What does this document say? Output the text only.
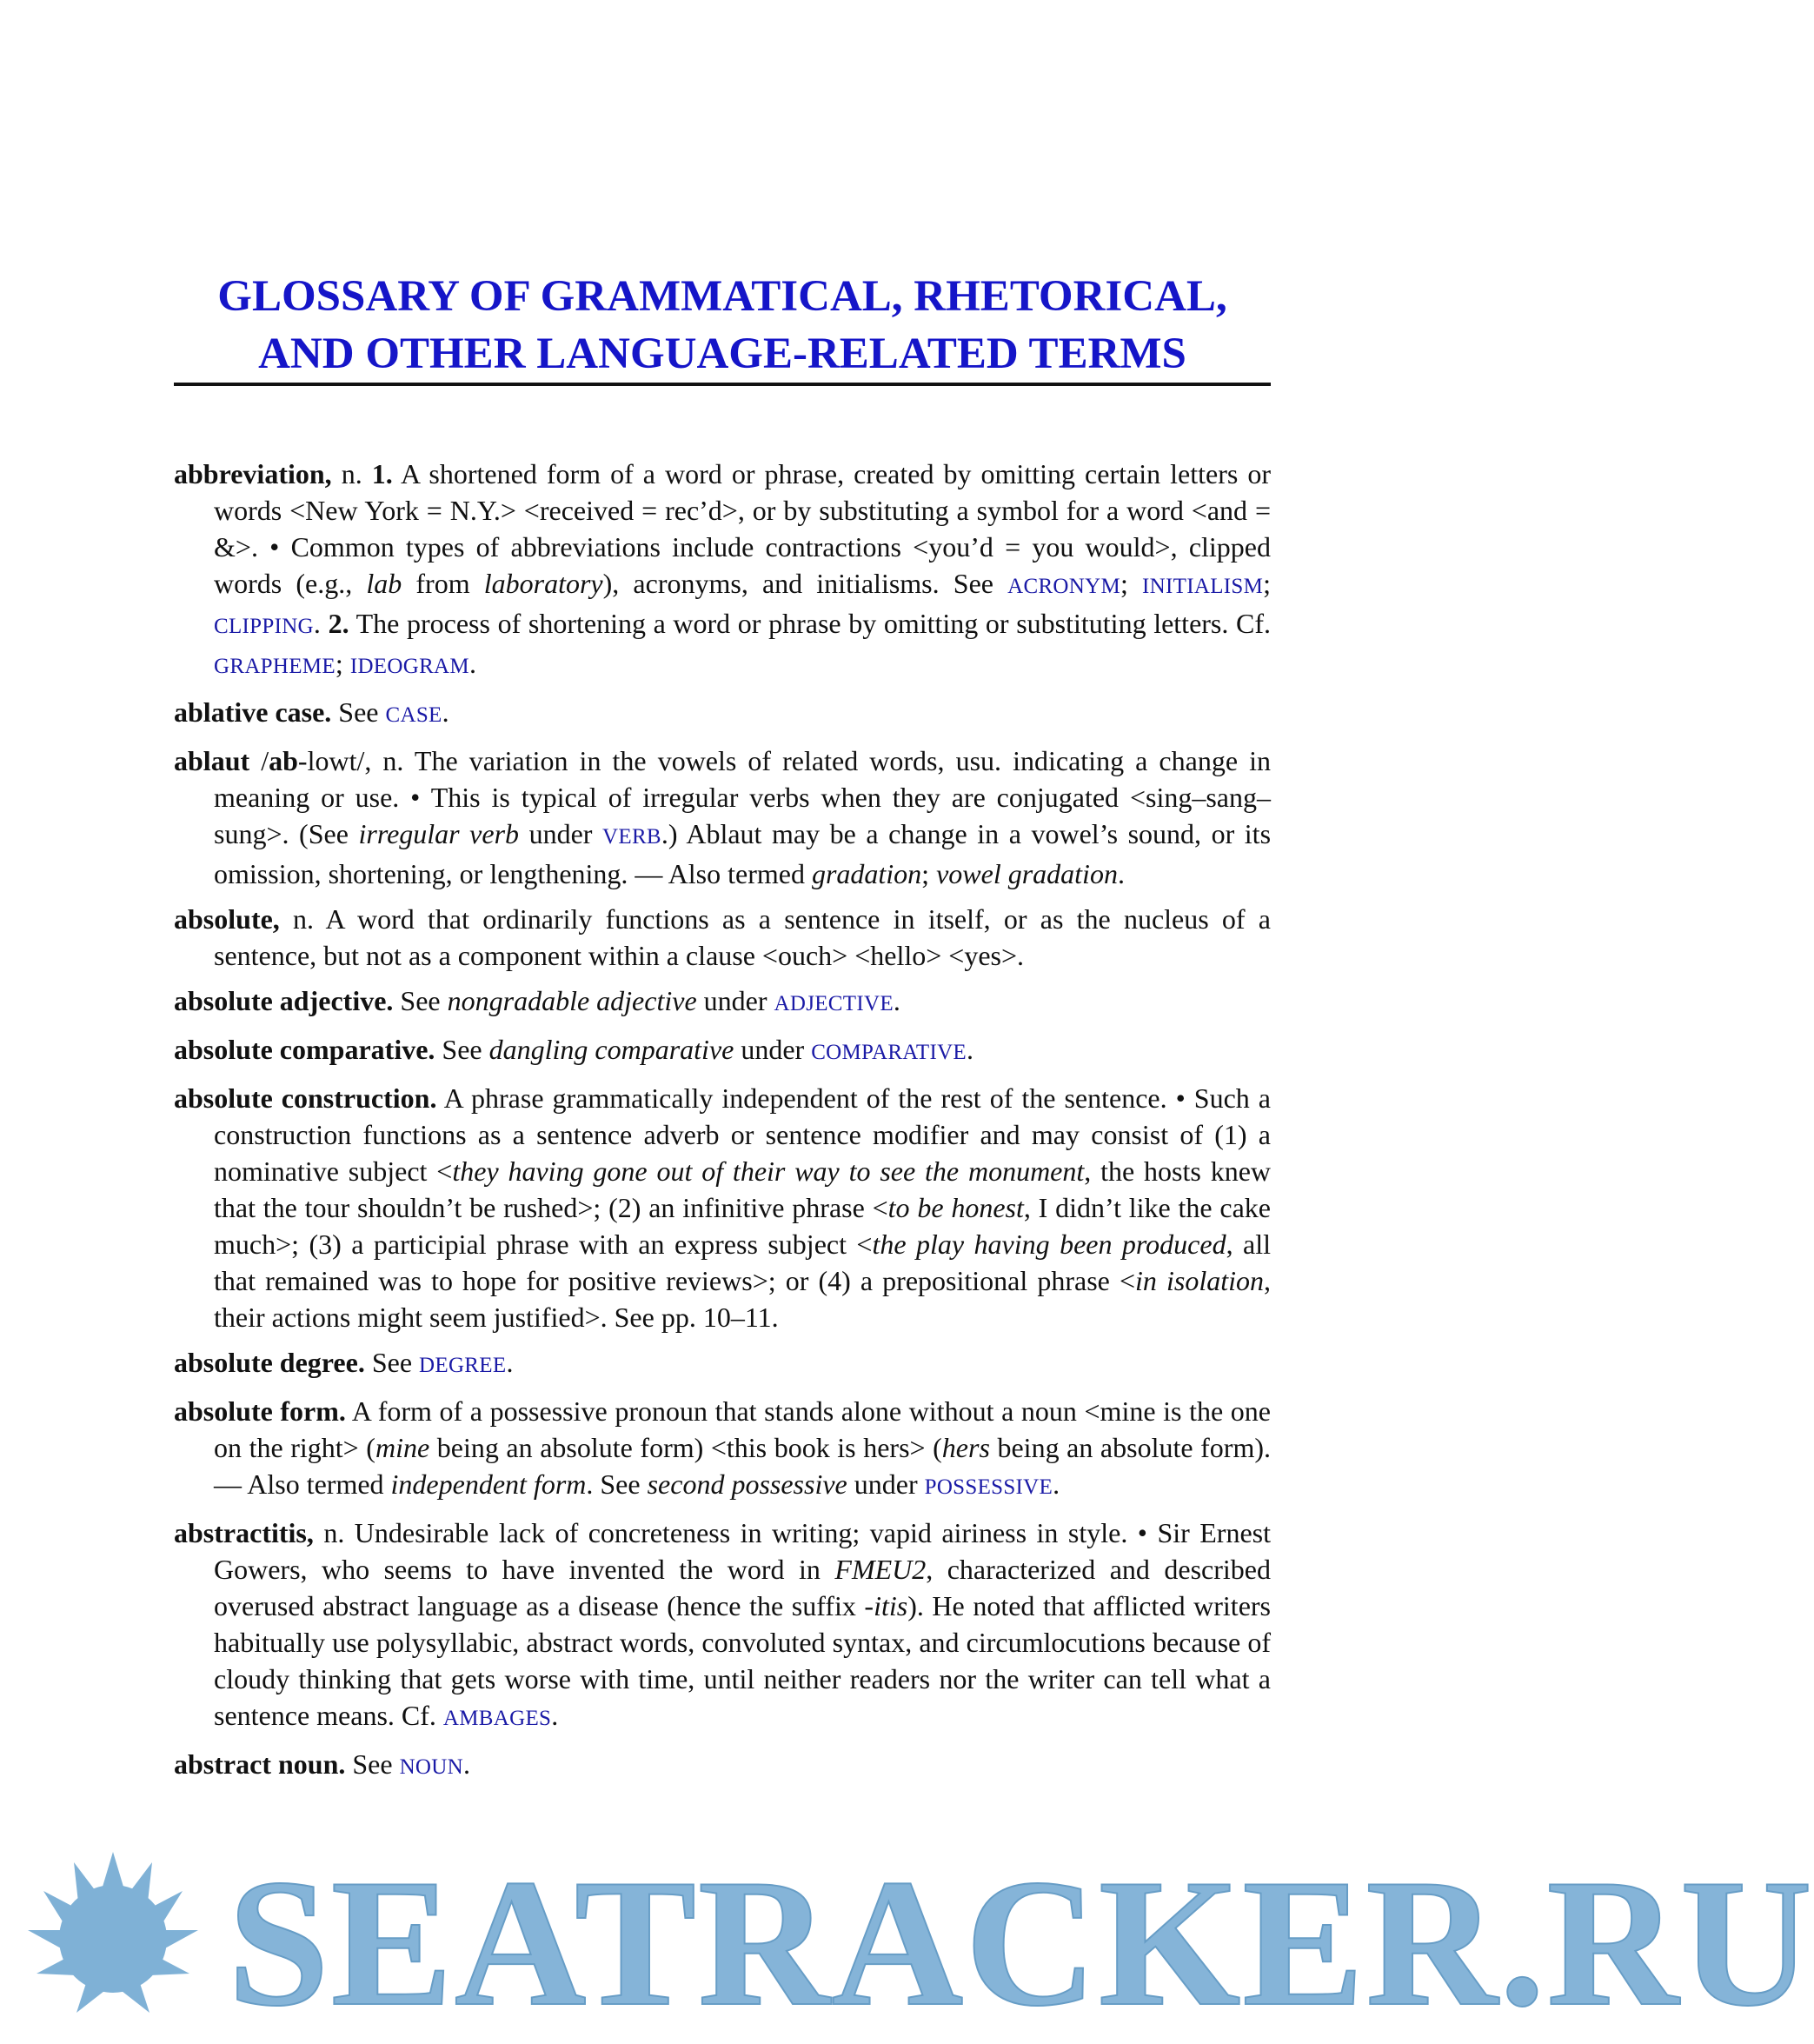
GLOSSARY OF GRAMMATICAL, RHETORICAL,
AND OTHER LANGUAGE-RELATED TERMS

abbreviation, n. 1. A shortened form of a word or phrase, created by omitting certain letters or words <New York = N.Y.> <received = rec’d>, or by substituting a symbol for a word <and = &>. • Common types of abbreviations include contractions <you’d = you would>, clipped words (e.g., lab from laboratory), acronyms, and initialisms. See ACRONYM; INITIALISM; CLIPPING. 2. The process of shortening a word or phrase by omitting or substituting letters. Cf. GRAPHEME; IDEOGRAM.

ablative case. See CASE.

ablaut /ab-lowt/, n. The variation in the vowels of related words, usu. indicating a change in meaning or use. • This is typical of irregular verbs when they are conjugated <sing–sang–sung>. (See irregular verb under VERB.) Ablaut may be a change in a vowel’s sound, or its omission, shortening, or lengthening. — Also termed gradation; vowel gradation.

absolute, n. A word that ordinarily functions as a sentence in itself, or as the nucleus of a sentence, but not as a component within a clause <ouch> <hello> <yes>.

absolute adjective. See nongradable adjective under ADJECTIVE.

absolute comparative. See dangling comparative under COMPARATIVE.

absolute construction. A phrase grammatically independent of the rest of the sentence. • Such a construction functions as a sentence adverb or sentence modifier and may consist of (1) a nominative subject <they having gone out of their way to see the monument, the hosts knew that the tour shouldn’t be rushed>; (2) an infinitive phrase <to be honest, I didn’t like the cake much>; (3) a participial phrase with an express subject <the play having been produced, all that remained was to hope for positive reviews>; or (4) a prepositional phrase <in isolation, their actions might seem justified>. See pp. 10–11.

absolute degree. See DEGREE.

absolute form. A form of a possessive pronoun that stands alone without a noun <mine is the one on the right> (mine being an absolute form) <this book is hers> (hers being an absolute form). — Also termed independent form. See second possessive under POSSESSIVE.

abstractitis, n. Undesirable lack of concreteness in writing; vapid airiness in style. • Sir Ernest Gowers, who seems to have invented the word in FMEU2, characterized and described overused abstract language as a disease (hence the suffix -itis). He noted that afflicted writers habitually use polysyllabic, abstract words, convoluted syntax, and circumlocutions because of cloudy thinking that gets worse with time, until neither readers nor the writer can tell what a sentence means. Cf. AMBAGES.

abstract noun. See NOUN.

SEATRACKER.RU
